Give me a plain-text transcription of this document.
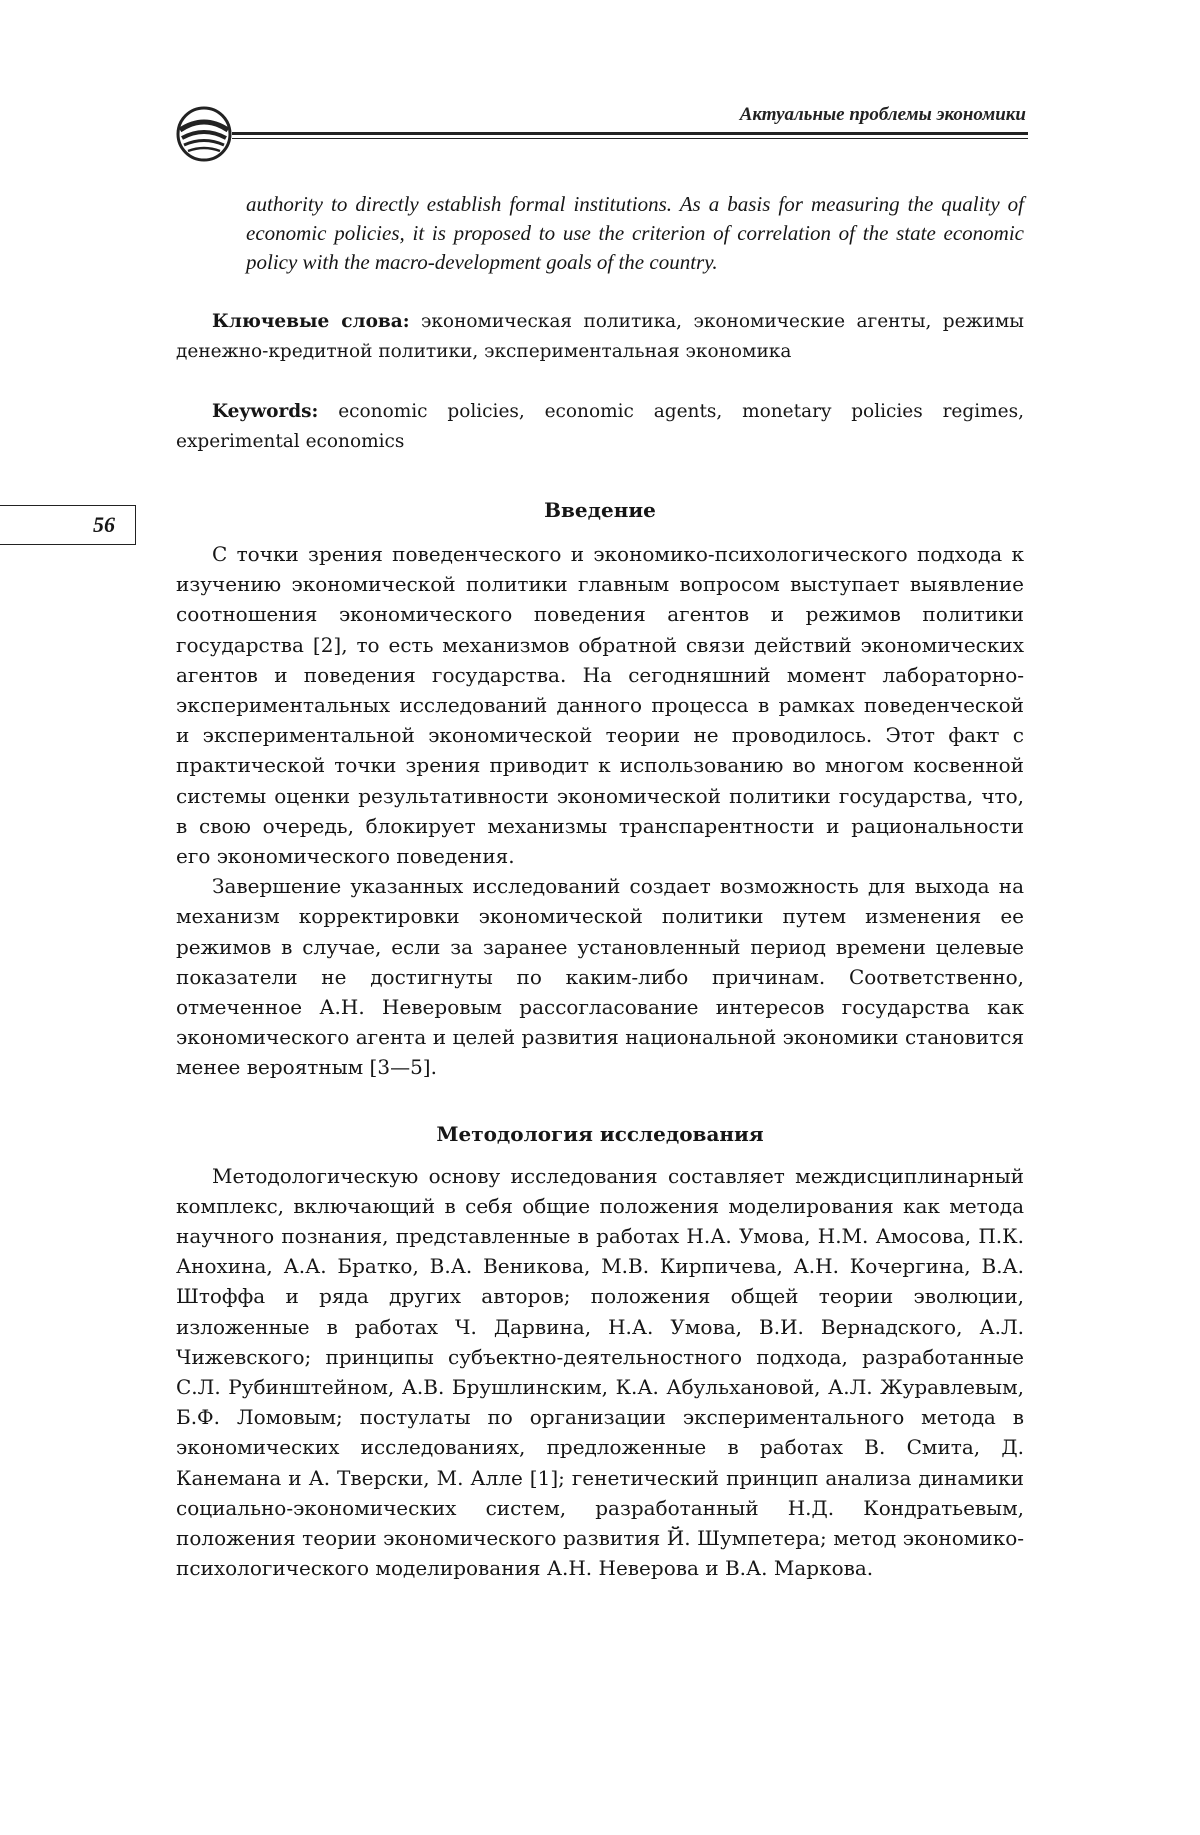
Актуальные проблемы экономики
56

authority to directly establish formal institutions. As a basis for measuring the quality of economic policies, it is proposed to use the criterion of correlation of the state economic policy with the macro-development goals of the country.

Ключевые слова: экономическая политика, экономические агенты, режимы денежно-кредитной политики, экспериментальная экономика

Keywords: economic policies, economic agents, monetary policies regimes, experimental economics

Введение

С точки зрения поведенческого и экономико-психологического подхода к изучению экономической политики главным вопросом выступает выявление соотношения экономического поведения агентов и режимов политики государства [2], то есть механизмов обратной связи действий экономических агентов и поведения государства. На сегодняшний момент лабораторно-экспериментальных исследований данного процесса в рамках поведенческой и экспериментальной экономической теории не проводилось. Этот факт с практической точки зрения приводит к использованию во многом косвенной системы оценки результативности экономической политики государства, что, в свою очередь, блокирует механизмы транспарентности и рациональности его экономического поведения.

Завершение указанных исследований создает возможность для выхода на механизм корректировки экономической политики путем изменения ее режимов в случае, если за заранее установленный период времени целевые показатели не достигнуты по каким-либо причинам. Соответственно, отмеченное А.Н. Неверовым рассогласование интересов государства как экономического агента и целей развития национальной экономики становится менее вероятным [3—5].

Методология исследования

Методологическую основу исследования составляет междисциплинарный комплекс, включающий в себя общие положения моделирования как метода научного познания, представленные в работах Н.А. Умова, Н.М. Амосова, П.К. Анохина, А.А. Братко, В.А. Веникова, М.В. Кирпичева, А.Н. Кочергина, В.А. Штоффа и ряда других авторов; положения общей теории эволюции, изложенные в работах Ч. Дарвина, Н.А. Умова, В.И. Вернадского, А.Л. Чижевского; принципы субъектно-деятельностного подхода, разработанные С.Л. Рубинштейном, А.В. Брушлинским, К.А. Абульхановой, А.Л. Журавлевым, Б.Ф. Ломовым; постулаты по организации экспериментального метода в экономических исследованиях, предложенные в работах В. Смита, Д. Канемана и А. Тверски, М. Алле [1]; генетический принцип анализа динамики социально-экономических систем, разработанный Н.Д. Кондратьевым, положения теории экономического развития Й. Шумпетера; метод экономико-психологического моделирования А.Н. Неверова и В.А. Маркова.
